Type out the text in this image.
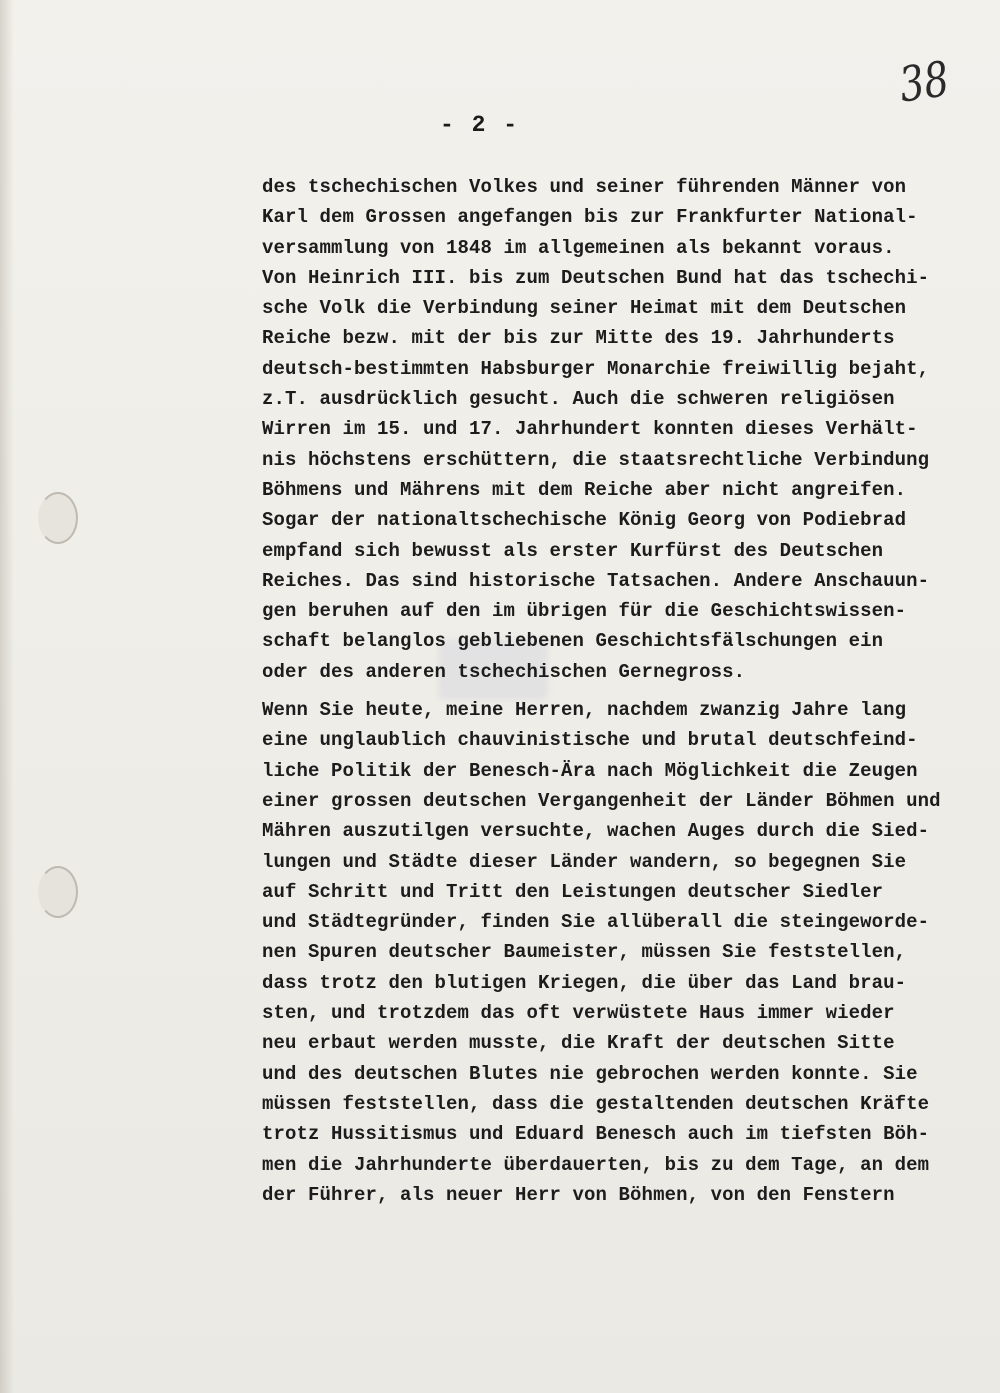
38
- 2 -
des tschechischen Volkes und seiner führenden Männer von
Karl dem Grossen angefangen bis zur Frankfurter National-
versammlung von 1848 im allgemeinen als bekannt voraus.
Von Heinrich III. bis zum Deutschen Bund hat das tschechi-
sche Volk die Verbindung seiner Heimat mit dem Deutschen
Reiche bezw. mit der bis zur Mitte des 19. Jahrhunderts
deutsch-bestimmten Habsburger Monarchie freiwillig bejaht,
z.T. ausdrücklich gesucht. Auch die schweren religiösen
Wirren im 15. und 17. Jahrhundert konnten dieses Verhält-
nis höchstens erschüttern, die staatsrechtliche Verbindung
Böhmens und Mährens mit dem Reiche aber nicht angreifen.
Sogar der nationaltschechische König Georg von Podiebrad
empfand sich bewusst als erster Kurfürst des Deutschen
Reiches. Das sind historische Tatsachen. Andere Anschauun-
gen beruhen auf den im übrigen für die Geschichtswissen-
schaft belanglos gebliebenen Geschichtsfälschungen ein
oder des anderen tschechischen Gernegross.
Wenn Sie heute, meine Herren, nachdem zwanzig Jahre lang
eine unglaublich chauvinistische und brutal deutschfeind-
liche Politik der Benesch-Ära nach Möglichkeit die Zeugen
einer grossen deutschen Vergangenheit der Länder Böhmen und
Mähren auszutilgen versuchte, wachen Auges durch die Sied-
lungen und Städte dieser Länder wandern, so begegnen Sie
auf Schritt und Tritt den Leistungen deutscher Siedler
und Städtegründer, finden Sie allüberall die steingeworde-
nen Spuren deutscher Baumeister, müssen Sie feststellen,
dass trotz den blutigen Kriegen, die über das Land brau-
sten, und trotzdem das oft verwüstete Haus immer wieder
neu erbaut werden musste, die Kraft der deutschen Sitte
und des deutschen Blutes nie gebrochen werden konnte. Sie
müssen feststellen, dass die gestaltenden deutschen Kräfte
trotz Hussitismus und Eduard Benesch auch im tiefsten Böh-
men die Jahrhunderte überdauerten, bis zu dem Tage, an dem
der Führer, als neuer Herr von Böhmen, von den Fenstern
